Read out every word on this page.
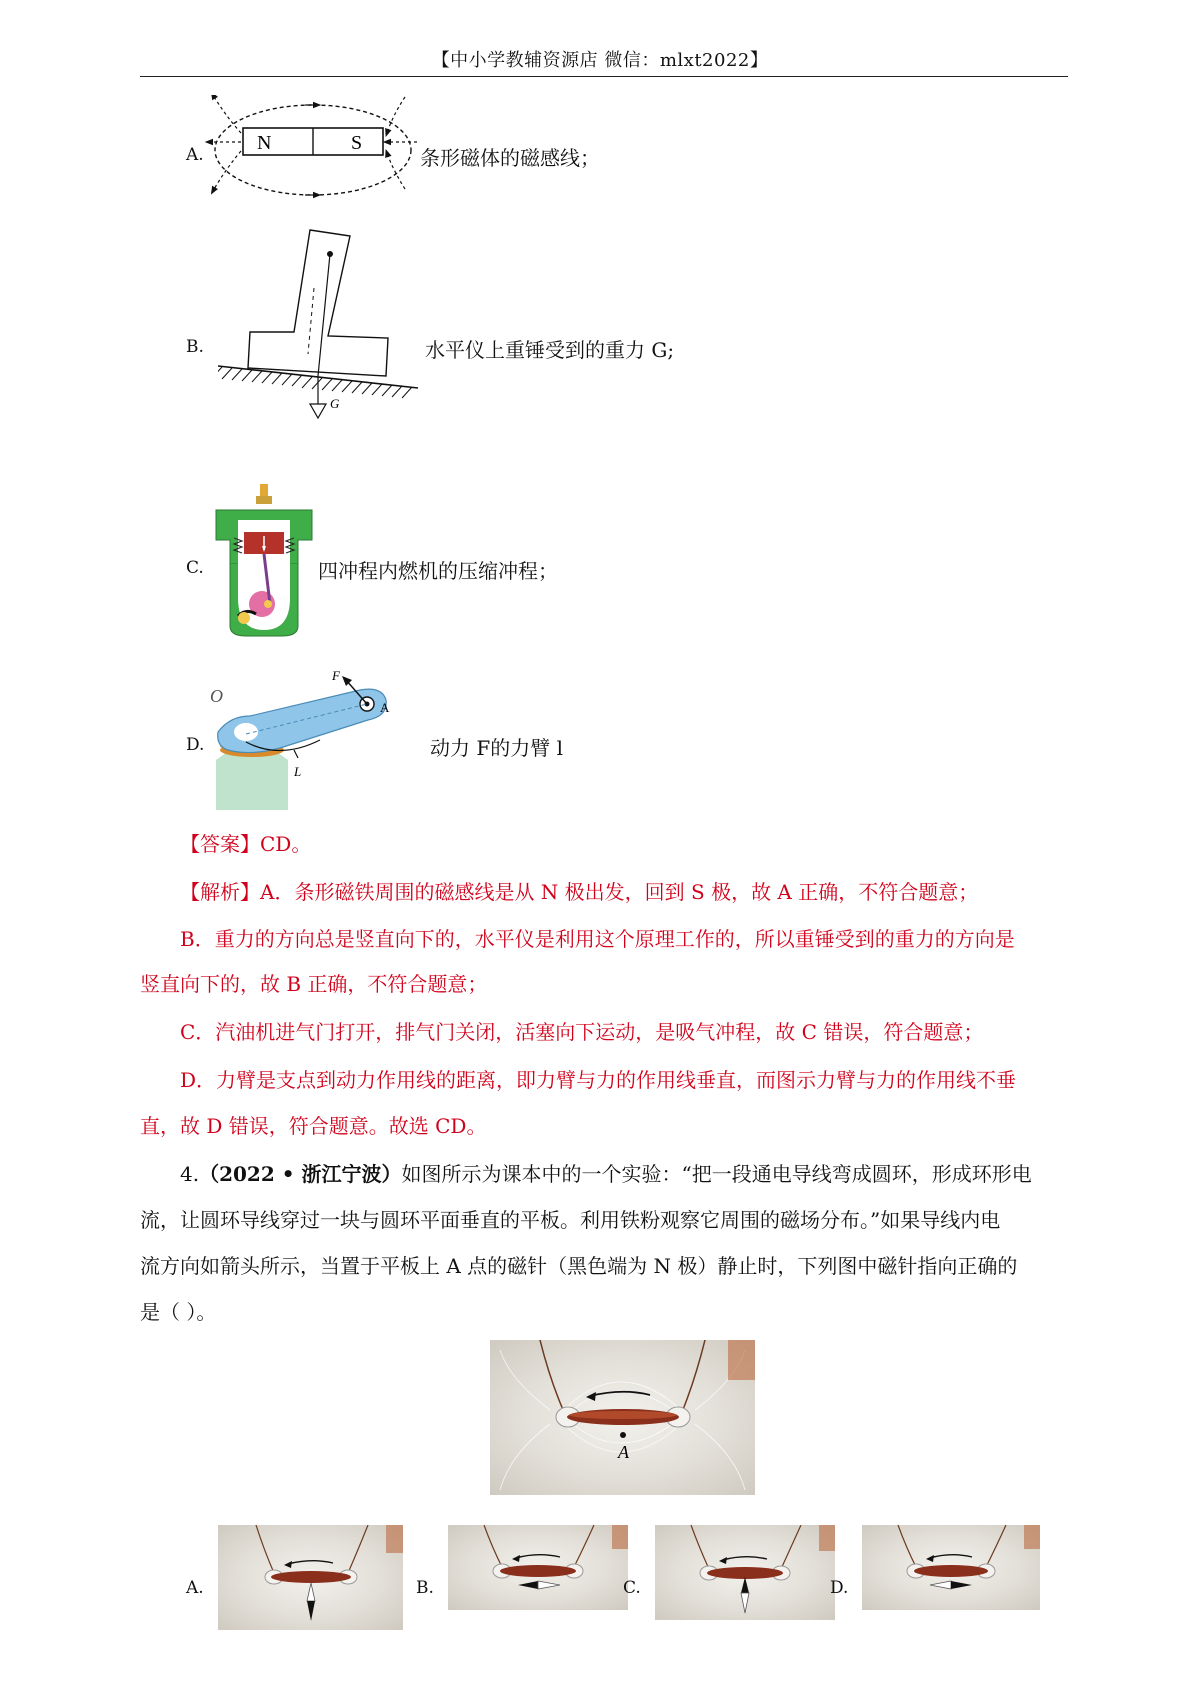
【中小学教辅资源店 微信：mlxt2022】
A.
N	S
条形磁体的磁感线；
B.
G
水平仪上重锤受到的重力 G;
C.	四冲程内燃机的压缩冲程；
D.
O
F
A
L
动力 F的力臂 l
【答案】CD。
【解析】A．条形磁铁周围的磁感线是从 N 极出发，回到 S 极，故 A 正确，不符合题意；
B．重力的方向总是竖直向下的，水平仪是利用这个原理工作的，所以重锤受到的重力的方向是
竖直向下的，故 B 正确，不符合题意；
C．汽油机进气门打开，排气门关闭，活塞向下运动，是吸气冲程，故 C 错误，符合题意；
D．力臂是支点到动力作用线的距离，即力臂与力的作用线垂直，而图示力臂与力的作用线不垂
直，故 D 错误，符合题意。故选 CD。
4.（2022 • 浙江宁波）如图所示为课本中的一个实验：“把一段通电导线弯成圆环，形成环形电
流，让圆环导线穿过一块与圆环平面垂直的平板。利用铁粉观察它周围的磁场分布。”如果导线内电
流方向如箭头所示，当置于平板上 A 点的磁针（黑色端为 N 极）静止时，下列图中磁针指向正确的
是（ ）。
A
A.	B.	C.	D.
